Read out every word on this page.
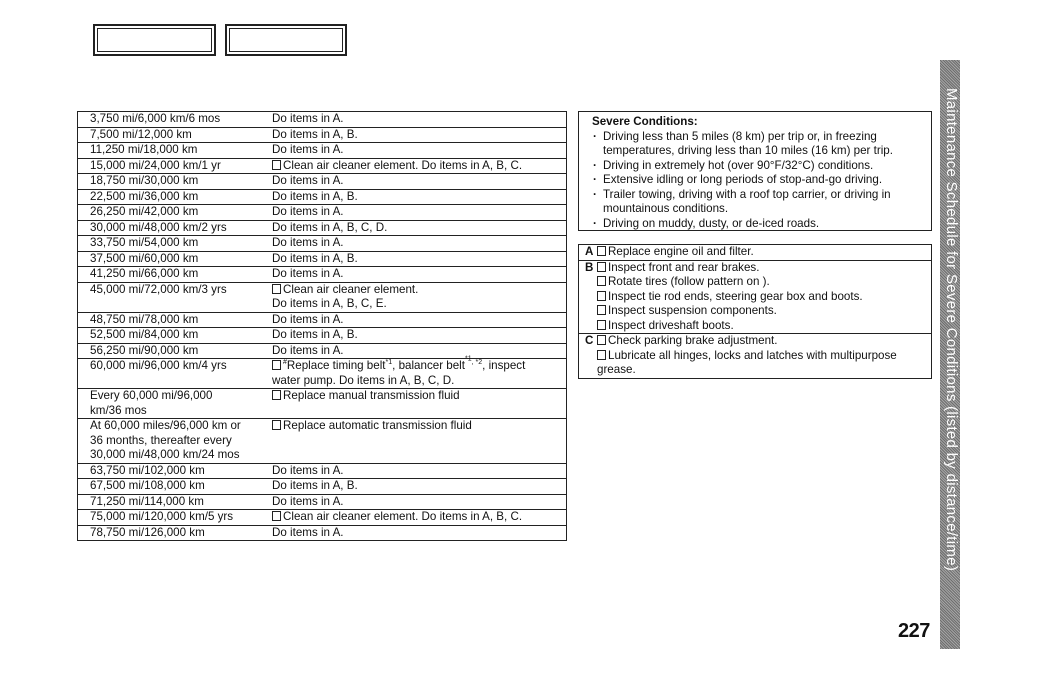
3,750 mi/6,000 km/6 mos	Do items in A.
7,500 mi/12,000 km	Do items in A, B.
11,250 mi/18,000 km	Do items in A.
15,000 mi/24,000 km/1 yr	Clean air cleaner element. Do items in A, B, C.
18,750 mi/30,000 km	Do items in A.
22,500 mi/36,000 km	Do items in A, B.
26,250 mi/42,000 km	Do items in A.
30,000 mi/48,000 km/2 yrs	Do items in A, B, C, D.
33,750 mi/54,000 km	Do items in A.
37,500 mi/60,000 km	Do items in A, B.
41,250 mi/66,000 km	Do items in A.
45,000 mi/72,000 km/3 yrs	Clean air cleaner element.
Do items in A, B, C, E.
48,750 mi/78,000 km	Do items in A.
52,500 mi/84,000 km	Do items in A, B.
56,250 mi/90,000 km	Do items in A.
60,000 mi/96,000 km/4 yrs	#Replace timing belt$^{*1}$, balancer belt$^{^{*1}, *2}$, inspect
water pump. Do items in A, B, C, D.
Every 60,000 mi/96,000
km/36 mos	Replace manual transmission fluid
At 60,000 miles/96,000 km or
36 months, thereafter every
30,000 mi/48,000 km/24 mos	Replace automatic transmission fluid
63,750 mi/102,000 km	Do items in A.
67,500 mi/108,000 km	Do items in A, B.
71,250 mi/114,000 km	Do items in A.
75,000 mi/120,000 km/5 yrs	Clean air cleaner element. Do items in A, B, C.
78,750 mi/126,000 km	Do items in A.
Severe Conditions:
· Driving less than 5 miles (8 km) per trip or, in freezing temperatures, driving less than 10 miles (16 km) per trip.
· Driving in extremely hot (over 90°F/32°C) conditions.
· Extensive idling or long periods of stop-and-go driving.
· Trailer towing, driving with a roof top carrier, or driving in mountainous conditions.
· Driving on muddy, dusty, or de-iced roads.
A	Replace engine oil and filter.

B	Inspect front and rear brakes.
Rotate tires (follow pattern on ).
Inspect tie rod ends, steering gear box and boots.
Inspect suspension components.
Inspect driveshaft boots.

C	Check parking brake adjustment.
Lubricate all hinges, locks and latches with multipurpose grease.	Maintenance Schedule for Severe Conditions (listed by distance/time)
227
